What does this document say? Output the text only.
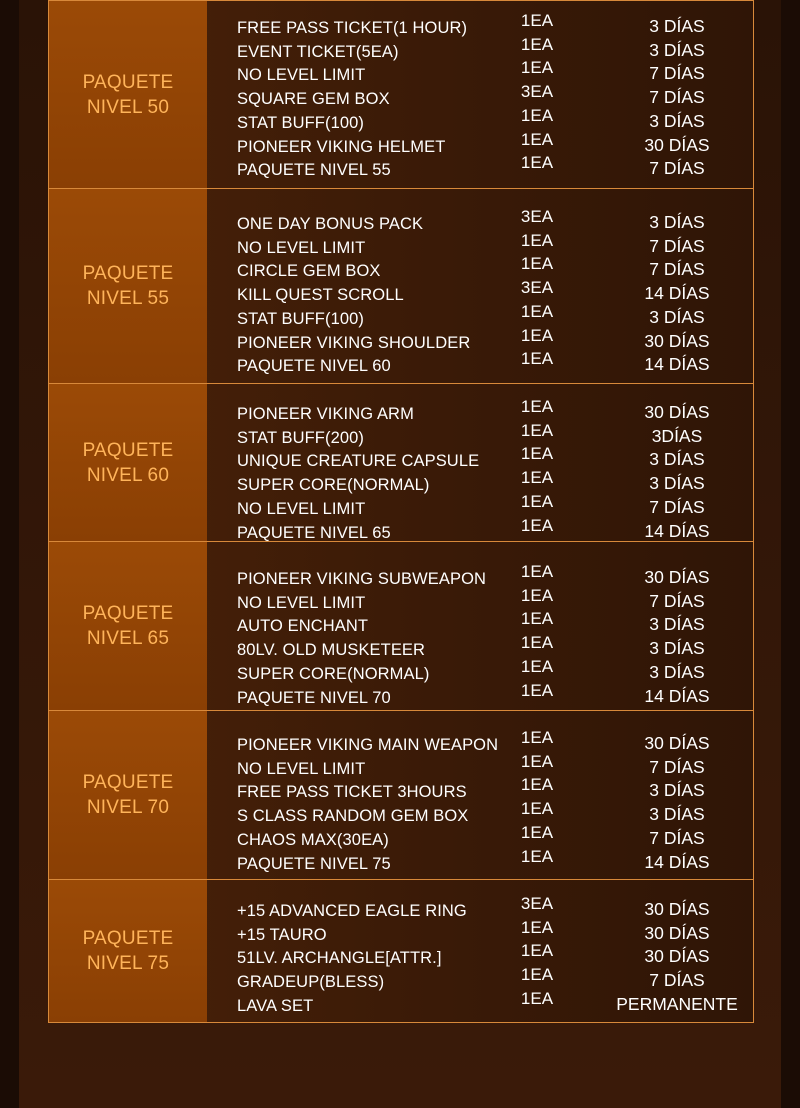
PAQUETE
NIVEL 50
FREE PASS TICKET(1 HOUR)	1EA	3 DÍAS
EVENT TICKET(5EA)	1EA	3 DÍAS
NO LEVEL LIMIT	1EA	7 DÍAS
SQUARE GEM BOX	3EA	7 DÍAS
STAT BUFF(100)	1EA	3 DÍAS
PIONEER VIKING HELMET	1EA	30 DÍAS
PAQUETE NIVEL 55	1EA	7 DÍAS
PAQUETE
NIVEL 55
ONE DAY BONUS PACK	3EA	3 DÍAS
NO LEVEL LIMIT	1EA	7 DÍAS
CIRCLE GEM BOX	1EA	7 DÍAS
KILL QUEST SCROLL	3EA	14 DÍAS
STAT BUFF(100)	1EA	3 DÍAS
PIONEER VIKING SHOULDER	1EA	30 DÍAS
PAQUETE NIVEL 60	1EA	14 DÍAS
PAQUETE
NIVEL 60
PIONEER VIKING ARM	1EA	30 DÍAS
STAT BUFF(200)	1EA	3DÍAS
UNIQUE CREATURE CAPSULE	1EA	3 DÍAS
SUPER CORE(NORMAL)	1EA	3 DÍAS
NO LEVEL LIMIT	1EA	7 DÍAS
PAQUETE NIVEL 65	1EA	14 DÍAS
PAQUETE
NIVEL 65
PIONEER VIKING SUBWEAPON	1EA	30 DÍAS
NO LEVEL LIMIT	1EA	7 DÍAS
AUTO ENCHANT	1EA	3 DÍAS
80LV. OLD MUSKETEER	1EA	3 DÍAS
SUPER CORE(NORMAL)	1EA	3 DÍAS
PAQUETE NIVEL 70	1EA	14 DÍAS
PAQUETE
NIVEL 70
PIONEER VIKING MAIN WEAPON	1EA	30 DÍAS
NO LEVEL LIMIT	1EA	7 DÍAS
FREE PASS TICKET 3HOURS	1EA	3 DÍAS
S CLASS RANDOM GEM BOX	1EA	3 DÍAS
CHAOS MAX(30EA)	1EA	7 DÍAS
PAQUETE NIVEL 75	1EA	14 DÍAS
PAQUETE
NIVEL 75
+15 ADVANCED EAGLE RING	3EA	30 DÍAS
+15 TAURO	1EA	30 DÍAS
51LV. ARCHANGLE[ATTR.]	1EA	30 DÍAS
GRADEUP(BLESS)	1EA	7 DÍAS
LAVA SET	1EA	PERMANENTE
